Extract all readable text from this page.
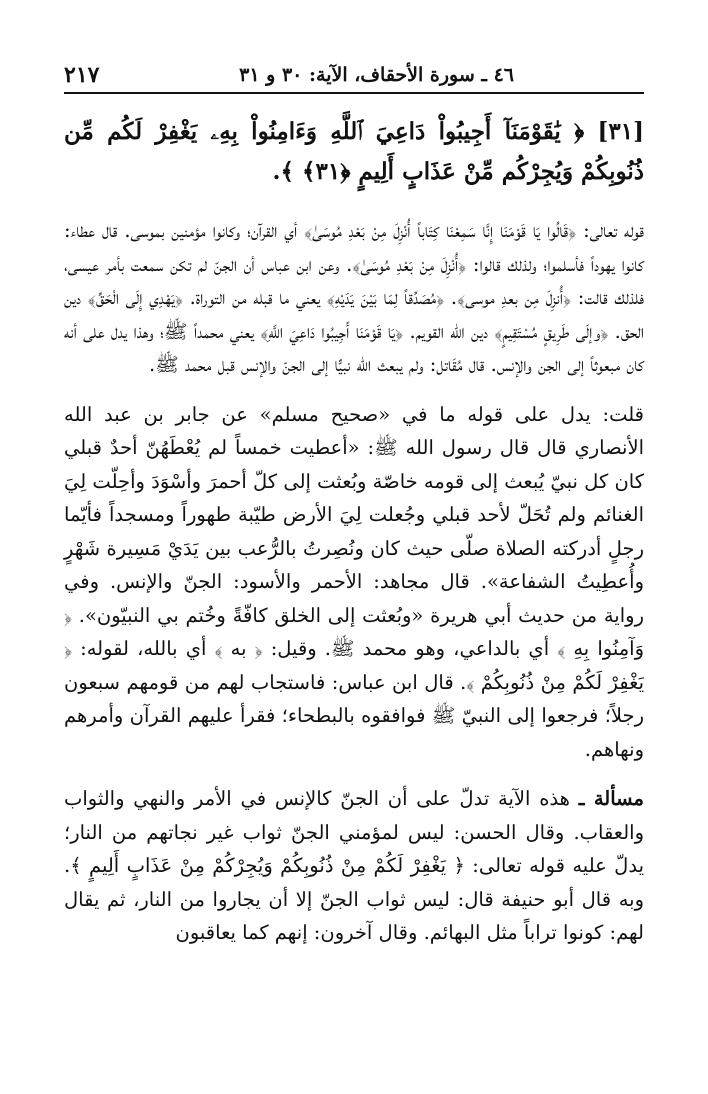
٢١٧	٤٦ ـ سورة الأحقاف، الآية: ٣٠ و ٣١

[٣١] ﴿ يَٰقَوْمَنَآ أَجِيبُواْ دَاعِيَ ٱللَّهِ وَءَامِنُواْ بِهِۦ يَغْفِرْ لَكُم مِّن ذُنُوبِكُمْ وَيُجِرْكُم مِّنْ عَذَابٍ أَلِيمٍ ﴿٣١﴾ ﴾.

قوله تعالى: ﴿قَالُوا يَا قَوْمَنَا إِنَّا سَمِعْنَا كِتَاباً أُنْزِلَ مِنْ بَعْدِ مُوسَىٰ﴾ أي القرآن؛ وكانوا مؤمنين بموسى. قال عطاء: كانوا يهوداً فأسلموا؛ ولذلك قالوا: ﴿أُنْزِلَ مِنْ بَعْدِ مُوسَىٰ﴾. وعن ابن عباس أن الجنّ لم تكن سمعت بأمر عيسى، فلذلك قالت: ﴿أُنزِلَ مِن بعدِ موسى﴾. ﴿مُصَدِّقاً لِمَا بَيْنَ يَدَيْهِ﴾ يعني ما قبله من التوراة. ﴿يَهْدِي إِلَى الْحَقِّ﴾ دين الحق. ﴿وإلَى طَرِيقٍ مُسْتَقِيمٍ﴾ دين الله القويم. ﴿يَا قَوْمَنَا أَجِيبُوا دَاعِيَ اللَّهِ﴾ يعني محمداً ﷺ؛ وهذا يدل على أنه كان مبعوثاً إلى الجن والإنس. قال مُقَاتل: ولم يبعث الله نبيًّا إلى الجنّ والإنس قبل محمد ﷺ.

قلت: يدل على قوله ما في «صحيح مسلم» عن جابر بن عبد الله الأنصاري قال قال رسول الله ﷺ: «أعطيت خمساً لم يُعْطَهُنّ أحدٌ قبلي كان كل نبيّ يُبعث إلى قومه خاصّة وبُعثت إلى كلّ أحمرَ وأسْوَدَ وأحِلّت لِيَ الغنائم ولم تُحَلّ لأحد قبلي وجُعلت لِيَ الأرض طيّبة طهوراً ومسجداً فأيّما رجلٍ أدركته الصلاة صلّى حيث كان ونُصِرتُ بالرُّعب بين يَدَيْ مَسِيرة شَهْرٍ وأُعطِيتُ الشفاعة». قال مجاهد: الأحمر والأسود: الجنّ والإنس. وفي رواية من حديث أبي هريرة «وبُعثت إلى الخلق كافّةً وخُتم بي النبيّون». ﴿ وَآمِنُوا بِهِ ﴾ أي بالداعي، وهو محمد ﷺ. وقيل: ﴿ به ﴾ أي بالله، لقوله: ﴿ يَغْفِرْ لَكُمْ مِنْ ذُنُوبِكُمْ ﴾. قال ابن عباس: فاستجاب لهم من قومهم سبعون رجلاً؛ فرجعوا إلى النبيّ ﷺ فوافقوه بالبطحاء؛ فقرأ عليهم القرآن وأمرهم ونهاهم.

مسألة ـ هذه الآية تدلّ على أن الجنّ كالإنس في الأمر والنهي والثواب والعقاب. وقال الحسن: ليس لمؤمني الجنّ ثواب غير نجاتهم من النار؛ يدلّ عليه قوله تعالى: ﴿ يَغْفِرْ لَكُمْ مِنْ ذُنُوبِكُمْ وَيُجِرْكُمْ مِنْ عَذَابٍ أَلِيمٍ ﴾. وبه قال أبو حنيفة قال: ليس ثواب الجنّ إلا أن يجاروا من النار، ثم يقال لهم: كونوا تراباً مثل البهائم. وقال آخرون: إنهم كما يعاقبون
